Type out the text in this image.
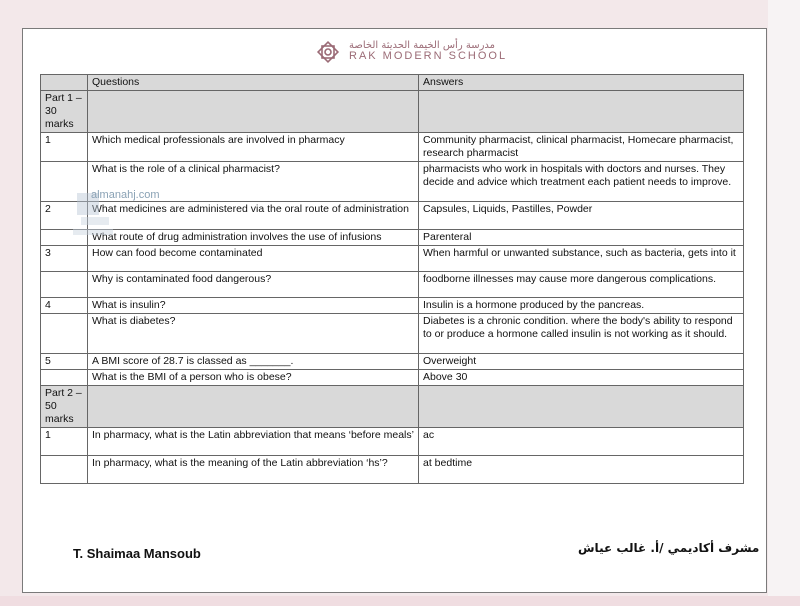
مدرسة رأس الخيمة الحديثة الخاصة
RAK MODERN SCHOOL
	Questions	Answers
Part 1 – 30 marks		
1	Which medical professionals are involved in pharmacy	Community pharmacist, clinical pharmacist, Homecare pharmacist, research pharmacist
	What is the role of a clinical pharmacist?	pharmacists who work in hospitals with doctors and nurses. They decide and advice which treatment each patient needs to improve.
2	What medicines are administered via the oral route of administration	Capsules, Liquids, Pastilles, Powder
	What route of drug administration involves the use of infusions	Parenteral
3	How can food become contaminated	When harmful or unwanted substance, such as bacteria, gets into it
	Why is contaminated food dangerous?	foodborne illnesses may cause more dangerous complications.
4	What is insulin?	Insulin is a hormone produced by the pancreas.
	What is diabetes?	Diabetes is a chronic condition. where the body's ability to respond to or produce a hormone called insulin is not working as it should.
5	A BMI score of 28.7 is classed as _______.	Overweight
	What is the BMI of a person who is obese?	Above 30
Part 2 – 50 marks		
1	In pharmacy, what is the Latin abbreviation that means ‘before meals’	ac
	In pharmacy, what is the meaning of the Latin abbreviation ‘hs’?	at bedtime
almanahj.com
T. Shaimaa Mansoub	مشرف أكاديمي /أ. غالب عياش
